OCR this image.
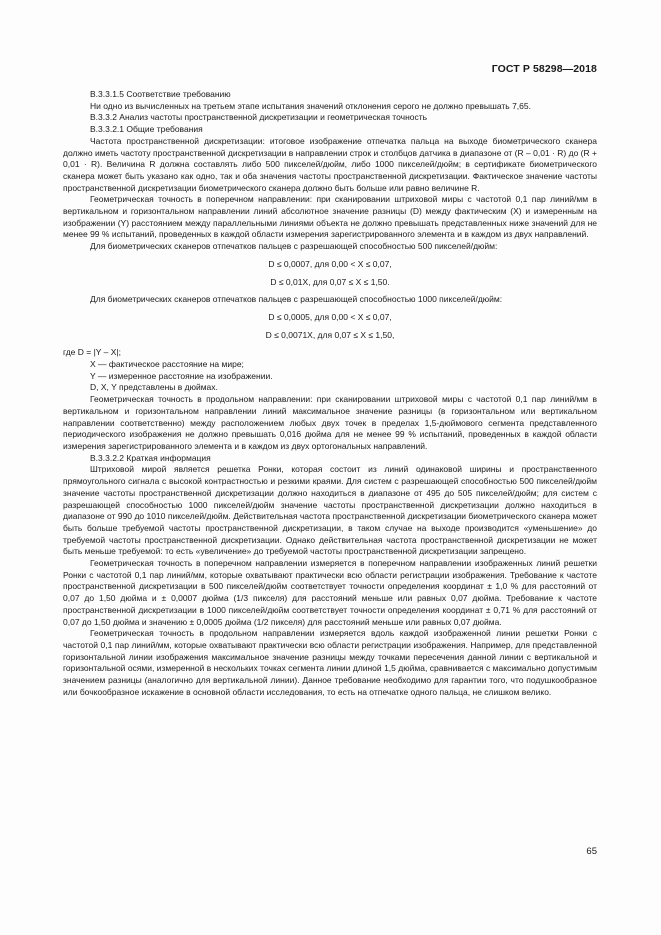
ГОСТ Р 58298—2018

В.3.3.1.5 Соответствие требованию

Ни одно из вычисленных на третьем этапе испытания значений отклонения серого не должно превышать 7,65.

В.3.3.2 Анализ частоты пространственной дискретизации и геометрическая точность

В.3.3.2.1 Общие требования

Частота пространственной дискретизации: итоговое изображение отпечатка пальца на выходе биометрического сканера должно иметь частоту пространственной дискретизации в направлении строк и столбцов датчика в диапазоне от (R – 0,01 · R) до (R + 0,01 · R). Величина R должна составлять либо 500 пикселей/дюйм, либо 1000 пикселей/дюйм; в сертификате биометрического сканера может быть указано как одно, так и оба значения частоты пространственной дискретизации. Фактическое значение частоты пространственной дискретизации биометрического сканера должно быть больше или равно величине R.

Геометрическая точность в поперечном направлении: при сканировании штриховой миры с частотой 0,1 пар линий/мм в вертикальном и горизонтальном направлении линий абсолютное значение разницы (D) между фактическим (X) и измеренным на изображении (Y) расстоянием между параллельными линиями объекта не должно превышать представленных ниже значений для не менее 99 % испытаний, проведенных в каждой области измерения зарегистрированного элемента и в каждом из двух направлений.

Для биометрических сканеров отпечатков пальцев с разрешающей способностью 500 пикселей/дюйм:

D ≤ 0,0007, для 0,00 < X ≤ 0,07,

D ≤ 0,01X, для 0,07 ≤ X ≤ 1,50.

Для биометрических сканеров отпечатков пальцев с разрешающей способностью 1000 пикселей/дюйм:

D ≤ 0,0005, для 0,00 < X ≤ 0,07,

D ≤ 0,0071X, для 0,07 ≤ X ≤ 1,50,

где D = |Y – X|;

X — фактическое расстояние на мире;

Y — измеренное расстояние на изображении.

D, X, Y представлены в дюймах.

Геометрическая точность в продольном направлении: при сканировании штриховой миры с частотой 0,1 пар линий/мм в вертикальном и горизонтальном направлении линий максимальное значение разницы (в горизонтальном или вертикальном направлении соответственно) между расположением любых двух точек в пределах 1,5-дюймового сегмента представленного периодического изображения не должно превышать 0,016 дюйма для не менее 99 % испытаний, проведенных в каждой области измерения зарегистрированного элемента и в каждом из двух ортогональных направлений.

В.3.3.2.2 Краткая информация

Штриховой мирой является решетка Ронки, которая состоит из линий одинаковой ширины и пространственного прямоугольного сигнала с высокой контрастностью и резкими краями. Для систем с разрешающей способностью 500 пикселей/дюйм значение частоты пространственной дискретизации должно находиться в диапазоне от 495 до 505 пикселей/дюйм; для систем с разрешающей способностью 1000 пикселей/дюйм значение частоты пространственной дискретизации должно находиться в диапазоне от 990 до 1010 пикселей/дюйм. Действительная частота пространственной дискретизации биометрического сканера может быть больше требуемой частоты пространственной дискретизации, в таком случае на выходе производится «уменьшение» до требуемой частоты пространственной дискретизации. Однако действительная частота пространственной дискретизации не может быть меньше требуемой: то есть «увеличение» до требуемой частоты пространственной дискретизации запрещено.

Геометрическая точность в поперечном направлении измеряется в поперечном направлении изображенных линий решетки Ронки с частотой 0,1 пар линий/мм, которые охватывают практически всю области регистрации изображения. Требование к частоте пространственной дискретизации в 500 пикселей/дюйм соответствует точности определения координат ± 1,0 % для расстояний от 0,07 до 1,50 дюйма и ± 0,0007 дюйма (1/3 пикселя) для расстояний меньше или равных 0,07 дюйма. Требование к частоте пространственной дискретизации в 1000 пикселей/дюйм соответствует точности определения координат ± 0,71 % для расстояний от 0,07 до 1,50 дюйма и значению ± 0,0005 дюйма (1/2 пикселя) для расстояний меньше или равных 0,07 дюйма.

Геометрическая точность в продольном направлении измеряется вдоль каждой изображенной линии решетки Ронки с частотой 0,1 пар линий/мм, которые охватывают практически всю области регистрации изображения. Например, для представленной горизонтальной линии изображения максимальное значение разницы между точками пересечения данной линии с вертикальной и горизонтальной осями, измеренной в нескольких точках сегмента линии длиной 1,5 дюйма, сравнивается с максимально допустимым значением разницы (аналогично для вертикальной линии). Данное требование необходимо для гарантии того, что подушкообразное или бочкообразное искажение в основной области исследования, то есть на отпечатке одного пальца, не слишком велико.

65
